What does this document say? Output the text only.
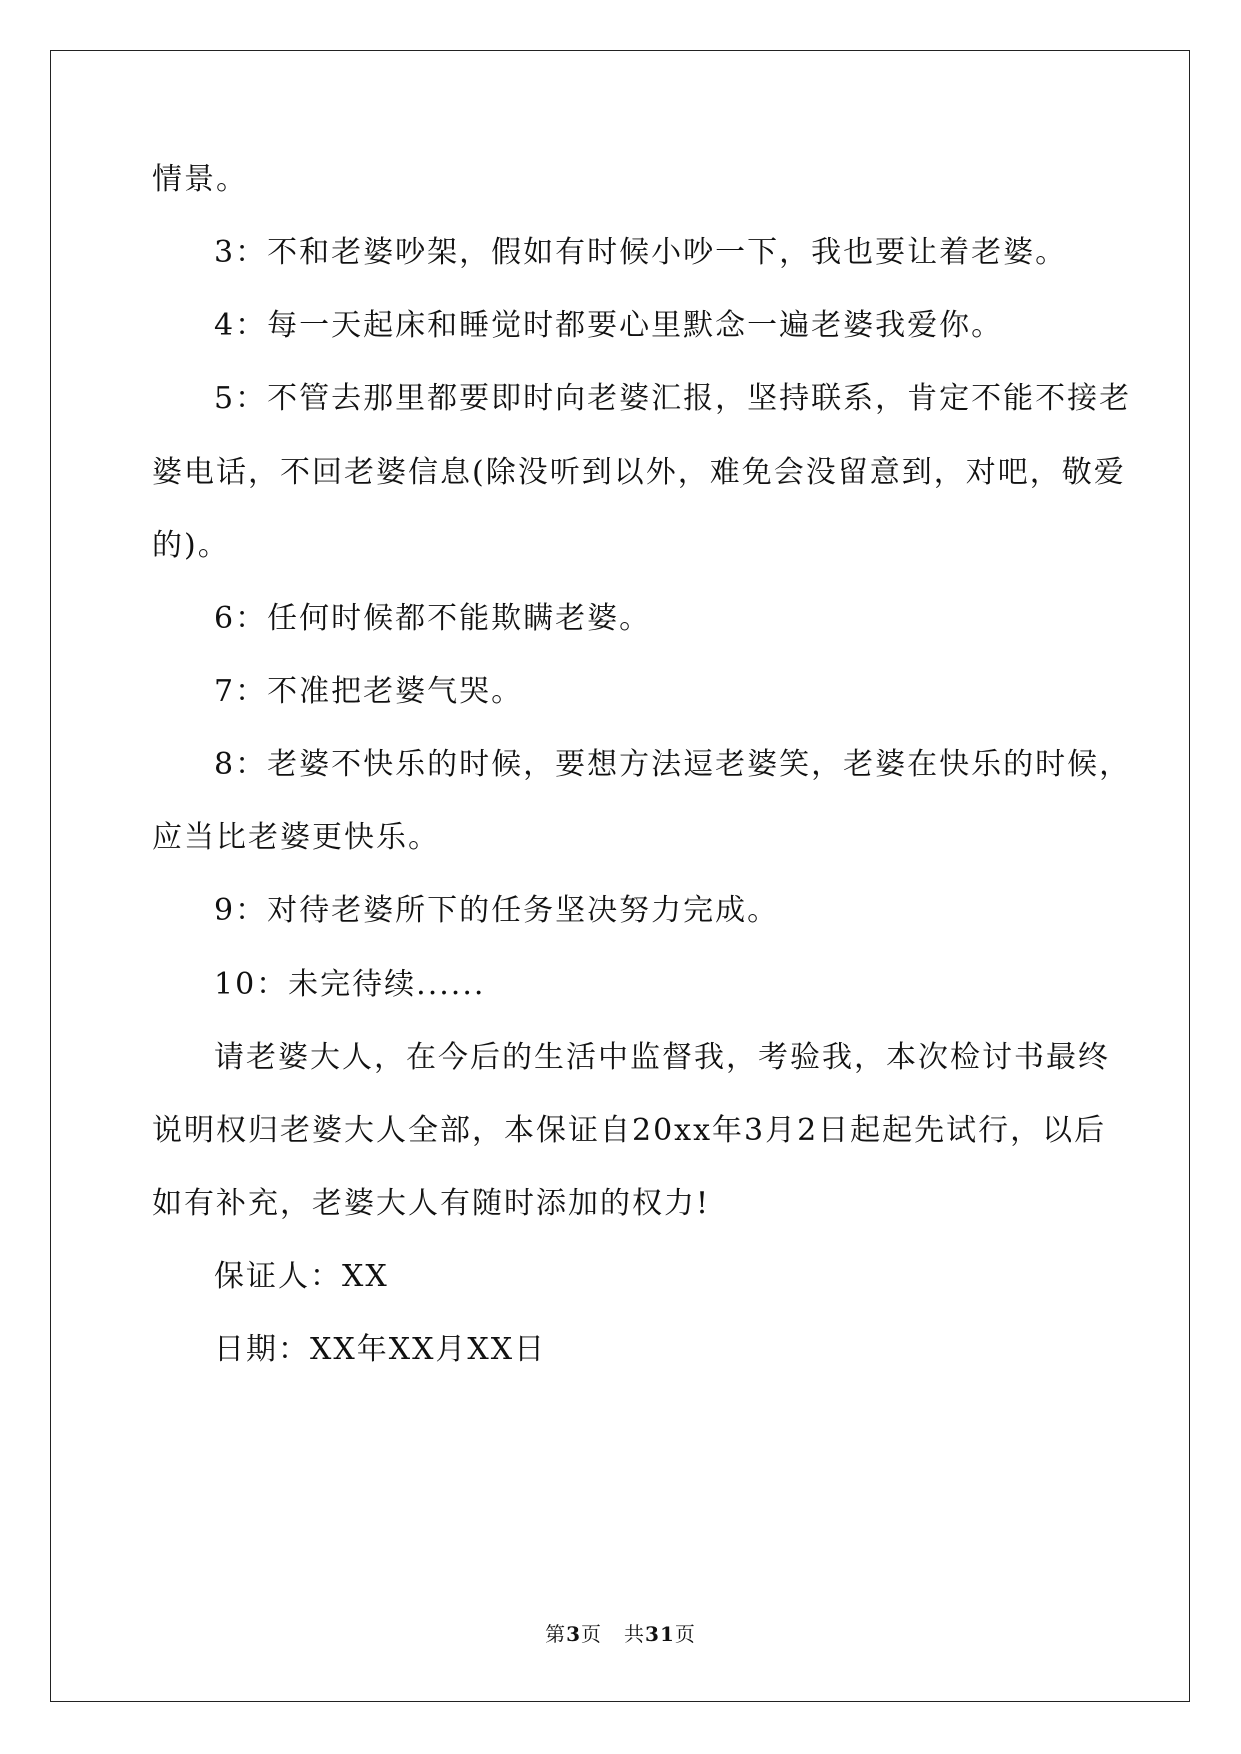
情景。
3：不和老婆吵架，假如有时候小吵一下，我也要让着老婆。
4：每一天起床和睡觉时都要心里默念一遍老婆我爱你。
5：不管去那里都要即时向老婆汇报，坚持联系，肯定不能不接老
婆电话，不回老婆信息(除没听到以外，难免会没留意到，对吧，敬爱
的)。
6：任何时候都不能欺瞒老婆。
7：不准把老婆气哭。
8：老婆不快乐的时候，要想方法逗老婆笑，老婆在快乐的时候，
应当比老婆更快乐。
9：对待老婆所下的任务坚决努力完成。
10：未完待续......
请老婆大人，在今后的生活中监督我，考验我，本次检讨书最终
说明权归老婆大人全部，本保证自20xx年3月2日起起先试行，以后
如有补充，老婆大人有随时添加的权力!
保证人：XX
日期：XX年XX月XX日
第3页 共31页
